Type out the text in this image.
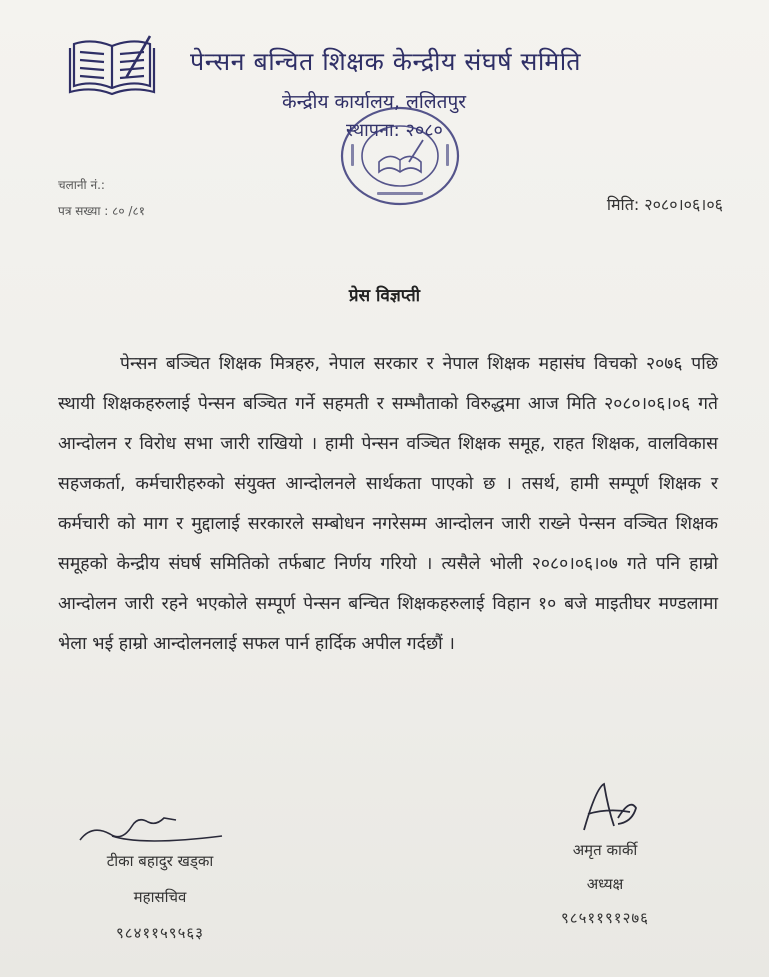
पेन्सन बन्चित शिक्षक केन्द्रीय संघर्ष समिति
केन्द्रीय कार्यालय, ललितपुर
स्थापना: २०८०
चलानी नं.:
पत्र सख्या : ८० /८१	मिति: २०८०।०६।०६
प्रेस विज्ञप्ती
पेन्सन बञ्चित शिक्षक मित्रहरु, नेपाल सरकार र नेपाल शिक्षक महासंघ विचको २०७६ पछि स्थायी शिक्षकहरुलाई पेन्सन बञ्चित गर्ने सहमती र सम्भौताको विरुद्धमा आज मिति २०८०।०६।०६ गते आन्दोलन र विरोध सभा जारी राखियो । हामी पेन्सन वञ्चित शिक्षक समूह, राहत शिक्षक, वालविकास सहजकर्ता, कर्मचारीहरुको संयुक्त आन्दोलनले सार्थकता पाएको छ । तसर्थ, हामी सम्पूर्ण शिक्षक र कर्मचारी को माग र मुद्दालाई सरकारले सम्बोधन नगरेसम्म आन्दोलन जारी राख्ने पेन्सन वञ्चित शिक्षक समूहको केन्द्रीय संघर्ष समितिको तर्फबाट निर्णय गरियो । त्यसैले भोली २०८०।०६।०७ गते पनि हाम्रो आन्दोलन जारी रहने भएकोले सम्पूर्ण पेन्सन बन्चित शिक्षकहरुलाई विहान १० बजे माइतीघर मण्डलामा भेला भई हाम्रो आन्दोलनलाई सफल पार्न हार्दिक अपील गर्दछौं ।
टीका बहादुर खड्का
महासचिव
९८४११५९५६३
अमृत कार्की
अध्यक्ष
९८५११९१२७६
